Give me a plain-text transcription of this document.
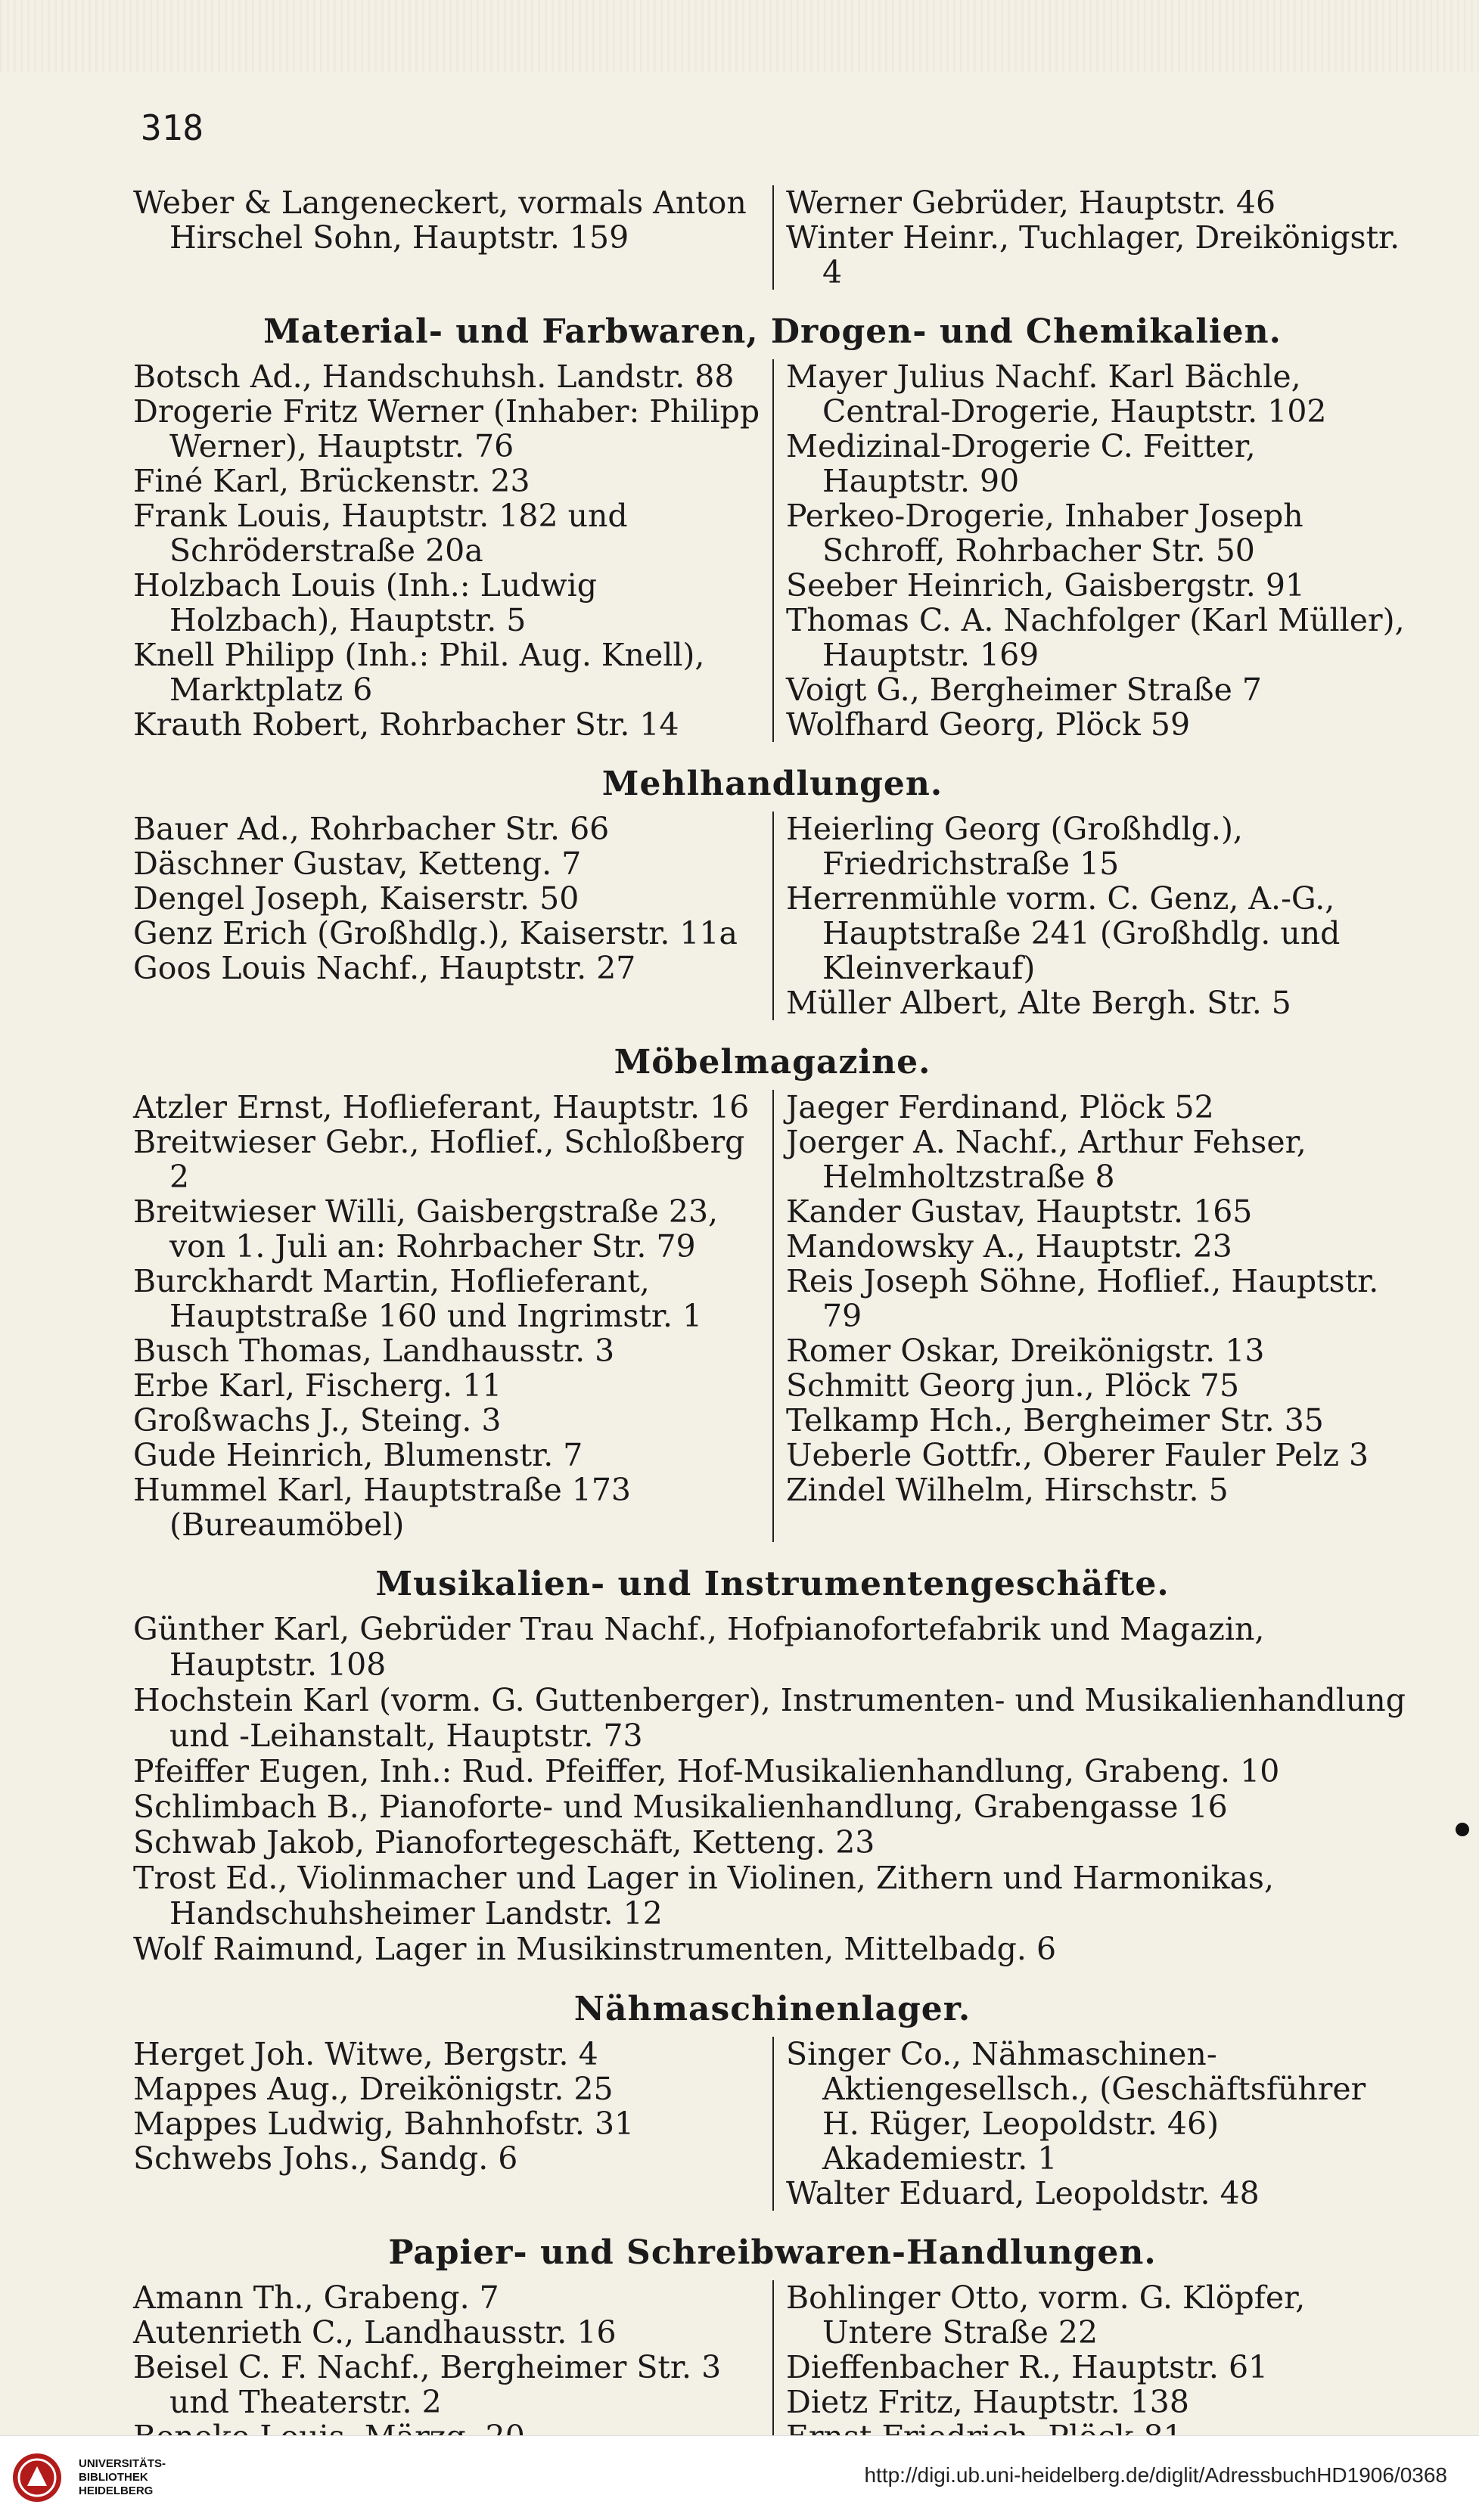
318
Weber & Langeneckert, vormals Anton Hirschel Sohn, Hauptstr. 159
Werner Gebrüder, Hauptstr. 46
Winter Heinr., Tuchlager, Dreikönigstr. 4
Material- und Farbwaren, Drogen- und Chemikalien.
Botsch Ad., Handschuhsh. Landstr. 88
Drogerie Fritz Werner (Inhaber: Philipp Werner), Hauptstr. 76
Finé Karl, Brückenstr. 23
Frank Louis, Hauptstr. 182 und Schröderstraße 20a
Holzbach Louis (Inh.: Ludwig Holzbach), Hauptstr. 5
Knell Philipp (Inh.: Phil. Aug. Knell), Marktplatz 6
Krauth Robert, Rohrbacher Str. 14
Mayer Julius Nachf. Karl Bächle, Central-Drogerie, Hauptstr. 102
Medizinal-Drogerie C. Feitter, Hauptstr. 90
Perkeo-Drogerie, Inhaber Joseph Schroff, Rohrbacher Str. 50
Seeber Heinrich, Gaisbergstr. 91
Thomas C. A. Nachfolger (Karl Müller), Hauptstr. 169
Voigt G., Bergheimer Straße 7
Wolfhard Georg, Plöck 59
Mehlhandlungen.
Bauer Ad., Rohrbacher Str. 66
Däschner Gustav, Ketteng. 7
Dengel Joseph, Kaiserstr. 50
Genz Erich (Großhdlg.), Kaiserstr. 11a
Goos Louis Nachf., Hauptstr. 27
Heierling Georg (Großhdlg.), Friedrichstraße 15
Herrenmühle vorm. C. Genz, A.-G., Hauptstraße 241 (Großhdlg. und Kleinverkauf)
Müller Albert, Alte Bergh. Str. 5
Möbelmagazine.
Atzler Ernst, Hoflieferant, Hauptstr. 16
Breitwieser Gebr., Hoflief., Schloßberg 2
Breitwieser Willi, Gaisbergstraße 23, von 1. Juli an: Rohrbacher Str. 79
Burckhardt Martin, Hoflieferant, Hauptstraße 160 und Ingrimstr. 1
Busch Thomas, Landhausstr. 3
Erbe Karl, Fischerg. 11
Großwachs J., Steing. 3
Gude Heinrich, Blumenstr. 7
Hummel Karl, Hauptstraße 173 (Bureaumöbel)
Jaeger Ferdinand, Plöck 52
Joerger A. Nachf., Arthur Fehser, Helmholtzstraße 8
Kander Gustav, Hauptstr. 165
Mandowsky A., Hauptstr. 23
Reis Joseph Söhne, Hoflief., Hauptstr. 79
Romer Oskar, Dreikönigstr. 13
Schmitt Georg jun., Plöck 75
Telkamp Hch., Bergheimer Str. 35
Ueberle Gottfr., Oberer Fauler Pelz 3
Zindel Wilhelm, Hirschstr. 5
Musikalien- und Instrumentengeschäfte.
Günther Karl, Gebrüder Trau Nachf., Hofpianofortefabrik und Magazin, Hauptstr. 108
Hochstein Karl (vorm. G. Guttenberger), Instrumenten- und Musikalienhandlung und -Leihanstalt, Hauptstr. 73
Pfeiffer Eugen, Inh.: Rud. Pfeiffer, Hof-Musikalienhandlung, Grabeng. 10
Schlimbach B., Pianoforte- und Musikalienhandlung, Grabengasse 16
Schwab Jakob, Pianofortegeschäft, Ketteng. 23
Trost Ed., Violinmacher und Lager in Violinen, Zithern und Harmonikas, Handschuhsheimer Landstr. 12
Wolf Raimund, Lager in Musikinstrumenten, Mittelbadg. 6
Nähmaschinenlager.
Herget Joh. Witwe, Bergstr. 4
Mappes Aug., Dreikönigstr. 25
Mappes Ludwig, Bahnhofstr. 31
Schwebs Johs., Sandg. 6
Singer Co., Nähmaschinen-Aktiengesellsch., (Geschäftsführer H. Rüger, Leopoldstr. 46) Akademiestr. 1
Walter Eduard, Leopoldstr. 48
Papier- und Schreibwaren-Handlungen.
Amann Th., Grabeng. 7
Autenrieth C., Landhausstr. 16
Beisel C. F. Nachf., Bergheimer Str. 3 und Theaterstr. 2
Bohlinger Otto, vorm. G. Klöpfer, Untere Straße 22
Dieffenbacher R., Hauptstr. 61
Dietz Fritz, Hauptstr. 138
UNIVERSITÄTS-
BIBLIOTHEK
HEIDELBERG
http://digi.ub.uni-heidelberg.de/diglit/AdressbuchHD1906/0368
